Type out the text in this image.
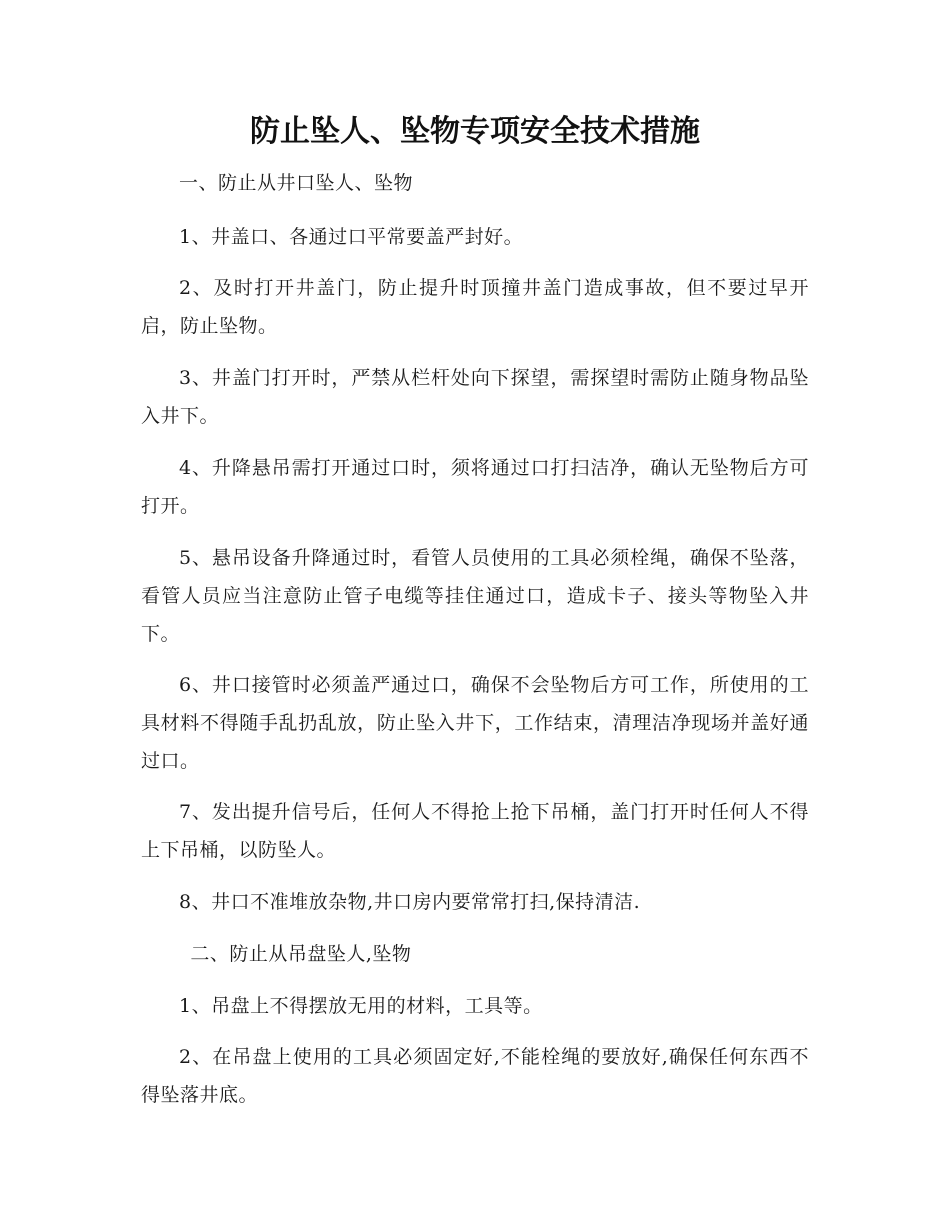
防止坠人、坠物专项安全技术措施

一、防止从井口坠人、坠物

1、井盖口、各通过口平常要盖严封好。

2、及时打开井盖门，防止提升时顶撞井盖门造成事故，但不要过早开启，防止坠物。

3、井盖门打开时，严禁从栏杆处向下探望，需探望时需防止随身物品坠入井下。

4、升降悬吊需打开通过口时，须将通过口打扫洁净，确认无坠物后方可打开。

5、悬吊设备升降通过时，看管人员使用的工具必须栓绳，确保不坠落，看管人员应当注意防止管子电缆等挂住通过口，造成卡子、接头等物坠入井下。

6、井口接管时必须盖严通过口，确保不会坠物后方可工作，所使用的工具材料不得随手乱扔乱放，防止坠入井下，工作结束，清理洁净现场并盖好通过口。

7、发出提升信号后，任何人不得抢上抢下吊桶，盖门打开时任何人不得上下吊桶，以防坠人。

8、井口不准堆放杂物,井口房内要常常打扫,保持清洁.

二、防止从吊盘坠人,坠物

1、吊盘上不得摆放无用的材料，工具等。

2、在吊盘上使用的工具必须固定好,不能栓绳的要放好,确保任何东西不得坠落井底。
